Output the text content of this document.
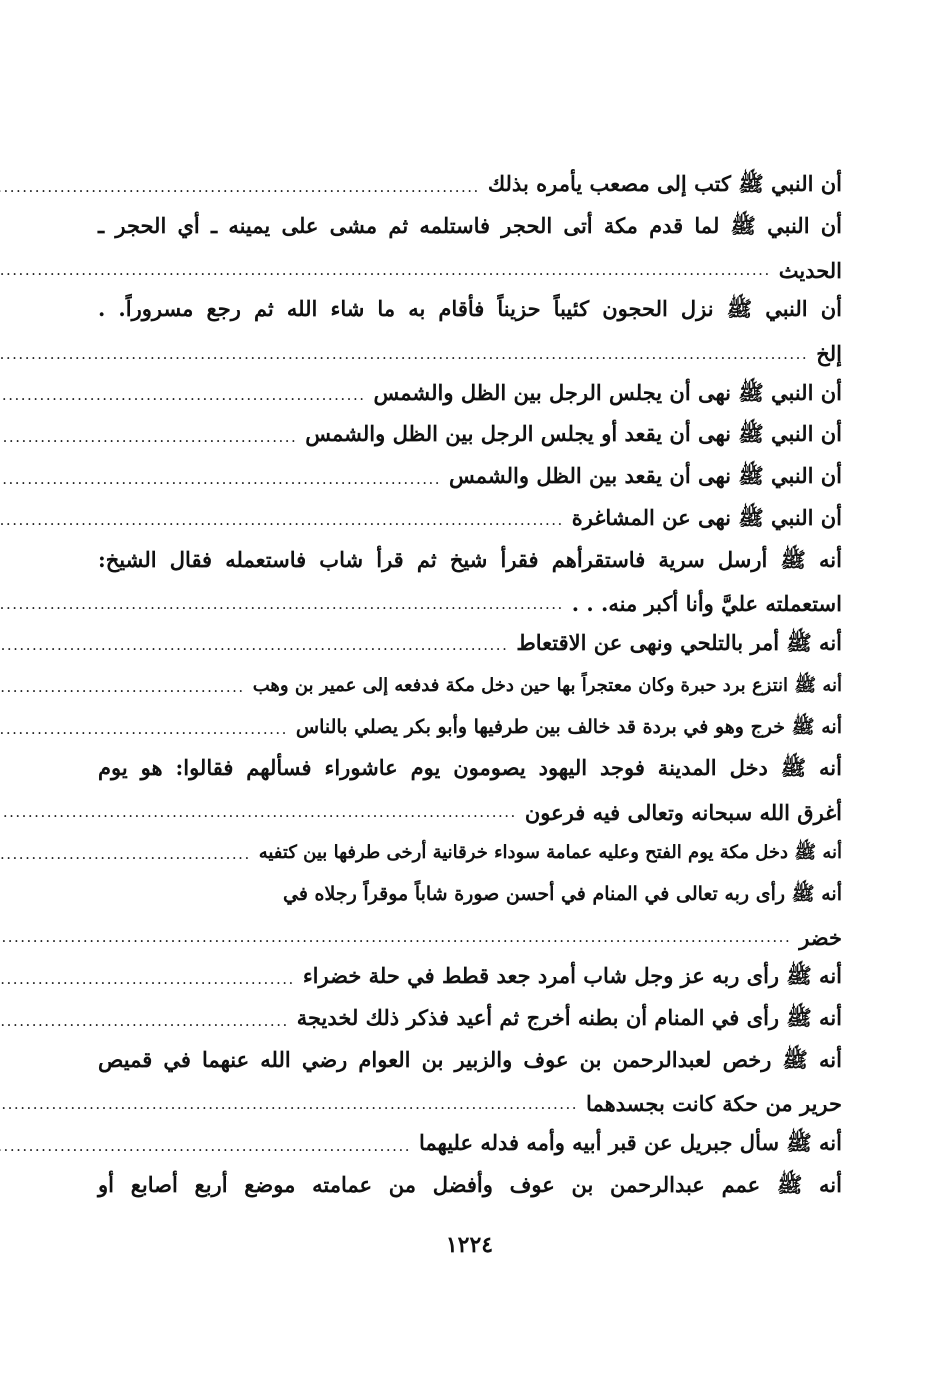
أن النبي ﷺ كتب إلى مصعب يأمره بذلك
.....
أن النبي ﷺ لما قدم مكة أتى الحجر فاستلمه ثم مشى على يمينه ـ أي الحجر ـ
الحديث
.....
أن النبي ﷺ نزل الحجون كئيباً حزيناً فأقام به ما شاء الله ثم رجع مسروراً. .
إلخ
.....
أن النبي ﷺ نهى أن يجلس الرجل بين الظل والشمس
.....
أن النبي ﷺ نهى أن يقعد أو يجلس الرجل بين الظل والشمس
.....
أن النبي ﷺ نهى أن يقعد بين الظل والشمس
.....
أن النبي ﷺ نهى عن المشاغرة
.....
أنه ﷺ أرسل سرية فاستقرأهم فقرأ شيخ ثم قرأ شاب فاستعمله فقال الشيخ:
استعملته عليَّ وأنا أكبر منه. . .
.....
أنه ﷺ أمر بالتلحي ونهى عن الاقتعاط
.....
أنه ﷺ انتزع برد حبرة وكان معتجراً بها حين دخل مكة فدفعه إلى عمير بن وهب
.....
أنه ﷺ خرج وهو في بردة قد خالف بين طرفيها وأبو بكر يصلي بالناس
.....
أنه ﷺ دخل المدينة فوجد اليهود يصومون يوم عاشوراء فسألهم فقالوا: هو يوم
أغرق الله سبحانه وتعالى فيه فرعون
.....
أنه ﷺ دخل مكة يوم الفتح وعليه عمامة سوداء خرقانية أرخى طرفها بين كتفيه
.....
أنه ﷺ رأى ربه تعالى في المنام في أحسن صورة شاباً موقراً رجلاه في
خضر
.....
أنه ﷺ رأى ربه عز وجل شاب أمرد جعد قطط في حلة خضراء
.....
أنه ﷺ رأى في المنام أن بطنه أخرج ثم أعيد فذكر ذلك لخديجة
.....
أنه ﷺ رخص لعبدالرحمن بن عوف والزبير بن العوام رضي الله عنهما في قميص
حرير من حكة كانت بجسدهما
.....
أنه ﷺ سأل جبريل عن قبر أبيه وأمه فدله عليهما
.....
أنه ﷺ عمم عبدالرحمن بن عوف وأفضل من عمامته موضع أربع أصابع أو
١٢٢٤
